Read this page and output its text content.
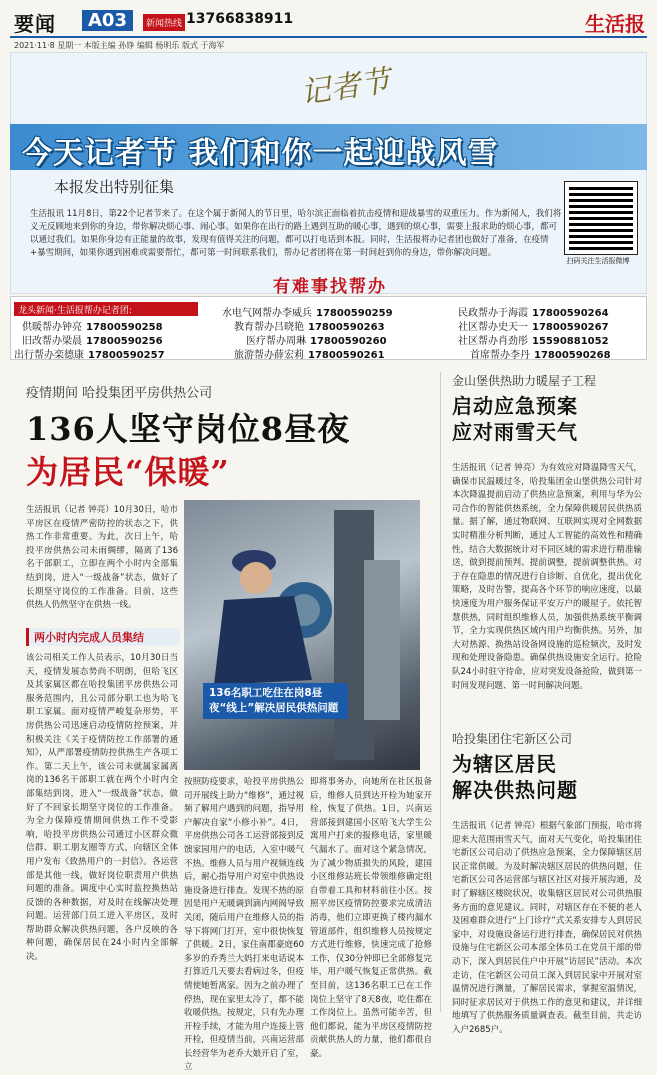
要闻	A03	新闻热线 13766838911	生活报
2021·11·8 星期一 本版主编 孙铮 编辑 杨明乐 版式 于海军
记者节
今天记者节 我们和你一起迎战风雪
本报发出特别征集
生活报讯 11月8日，第22个记者节来了。在这个属于新闻人的节日里，哈尔滨正面临着抗击疫情和迎战暴雪的双重压力。作为新闻人，我们将义无反顾地来到你的身边，带你解决烦心事、闹心事。如果你在出行的路上遇到互助的暖心事，遇到的烦心事，需要上报求助的烦心事，都可以通过我们。如果你身边有正能量的故事，发现有值得关注的问题，都可以打电话到本报。同时，生活报将办记者团也做好了准备，在疫情+暴雪期间，如果你遇到困难或需要帮忙，都可第一时间联系我们，帮办记者团将在第一时间赶到你的身边，带你解决问题。
扫码关注生活报微博
有难事找帮办
龙头新闻·生活报帮办记者团:
供暖帮办钟亮 17800590258
旧改帮办梁晨 17800590256
出行帮办栾德康 17800590257
水电气网帮办李威兵 17800590259
教育帮办吕晓艳 17800590263
医疗帮办周琳 17800590260
旅游帮办薛宏莉 17800590261
民政帮办于海霞 17800590264
社区帮办史天一 17800590267
社区帮办肖劲彤 15590881052
首席帮办李丹 17800590268
疫情期间 哈投集团平房供热公司
136人坚守岗位8昼夜
为居民“保暖”
生活报讯（记者 钟亮）10月30日，哈市平房区在疫情严密防控的状态之下，供热工作非常重要。为此，次日上午，哈投平房供热公司未雨绸缪，隔离了136名干部职工，立即在两个小时内全部集结到岗，进入“一级战备”状态，做好了长期坚守岗位的工作准备。目前，这些供热人仍然坚守在供热一线。
两小时内完成人员集结
该公司相关工作人员表示，10月30日当天，疫情发展态势尚不明朗，但哈飞区及其家属区都在哈投集团平房供热公司服务范围内，且公司部分职工也为哈飞职工家属。面对疫情严峻复杂形势，平房供热公司迅速启动疫情防控预案，并积极关注《关于疫情防控工作部署的通知》，从严部署疫情防控供热生产各项工作。第二天上午，该公司未就属家属离岗的136名干部职工就在两个小时内全部集结到岗，进入“一级战备”状态，做好了不回家长期坚守岗位的工作准备。为全力保障疫情期间供热工作不受影响，哈投平房供热公司通过小区群众微信群、职工朋友圈等方式，向辖区全体用户发布《致热用户的一封信》。各运营部是其他一线，做好岗位职责用户供热问题的准备。调度中心实时监控换热站反馈的各种数据，对及时在线解决处理问题。运营部门员工进入平房区，及时帮助群众解决供热问题，各户反映的各种问题，确保居民在24小时内全部解决。
136名职工吃住在岗8昼夜“线上”解决居民供热问题
按照防疫要求，哈投平房供热公司开展线上助力“维修”，通过视频了解用户遇到的问题，指导用户解决自家“小修小补”。4日，平房供热公司各工运营部接到反馈家园用户的电话，入室中暖气不热。维修人员与用户视频连线后，耐心指导用户对室中供热设施设备进行排查。发现不热的原因是用户无暖调到滴内网阀导致关闭，随后用户在维修人员的指导下将网门打开，室中很快恢复了供暖。2日，家住南郡豪庭60多岁的乔秀兰大妈打来电话说本打算近几天要去看病过冬，但疫情使她暂离家。因为之前办理了停热，现在家里太冷了，都不能收暖供热。按规定，只有先办理开栓手续，才能为用户连接上管开栓，但疫情当前，兴南运营部长经营华为老乔大娘开启了室，立
即将事务办，向她所在社区报备后，维修人员到达开栓为她家开栓，恢复了供热。1日，兴南运营部接到建国小区哈飞大学生公寓用户打来的报修电话，家里暖气漏水了。面对这个紧急情况，为了减少物质损失的风险，建国小区维修站班长带领维修确定组自带着工具和材料前往小区。按照平房区疫情防控要求完成清洁消毒，他们立即更换了楼内漏水管道部件，组织维修人员按规定方式进行维修，快速完成了抢修工作，仅30分钟即已全部修复完毕，用户暖气恢复正常供热。截至目前，这136名职工已在工作岗位上坚守了8天8夜，吃住都在工作岗位上。虽然可能辛苦，但他们都说，能为平房区疫情防控贡献供热人的力量，他们都很自豪。
金山堡供热助力暖屋子工程
启动应急预案
应对雨雪天气
生活报讯（记者 钟亮）为有效应对降温降雪天气，确保市民温暖过冬，哈投集团金山堡供热公司针对本次降温提前启动了供热应急预案，利用与华为公司合作的智能供热系统，全力保障供暖居民供热质量。据了解，通过物联网、互联网实现对全网数据实时精准分析判断，通过人工智能的高效性和精确性，结合大数据统计对不同区域的需求进行精准输送，做到提前预判、提前调整，提前调整供热。对于存在隐患的情况进行自诊断、自优化，提出优化策略，及时告警，提高各个环节的响应速度，以最快速度为用户服务保证平安万户的暖屋子。依托智慧供热，同时组织维修人员，加强供热系统平衡调节，全力实现供热区域内用户均衡供热。另外，加大对热源、换热站设备网设施的巡检频次，及时发现和处理设备隐患。确保供热设施安全运行。抢险队24小时驻守待命，应对突发设备抢险，做到第一时间发现问题、第一时间解决问题。
哈投集团住宅新区公司
为辖区居民
解决供热问题
生活报讯（记者 钟亮）根据气象部门预报，哈市将迎来大范围雨雪天气，面对天气变化，哈投集团住宅新区公司启动了供热应急预案，全力保障辖区居民正常供暖。为及时解决辖区居民的供热问题，住宅新区公司各运营部与辖区社区对接开展沟通，及时了解辖区楼院状况，收集辖区居民对公司供热服务方面的意见建议。同时，对辖区存在不便的老人及困难群众进行“上门诊疗”式关系安排专人到居民家中，对设施设备运行进行排查，确保居民对供热设施与住宅新区公司本部全体员工在党员干部的带动下，深入到居民住户中开展“访居民”活动。本次走访，住宅新区公司员工深入到居民家中开展对室温情况进行测量，了解居民需求，掌握室温情况，同时征求居民对于供热工作的意见和建议，并详细地填写了供热服务质量调查表。截至目前，共走访入户2685户。
